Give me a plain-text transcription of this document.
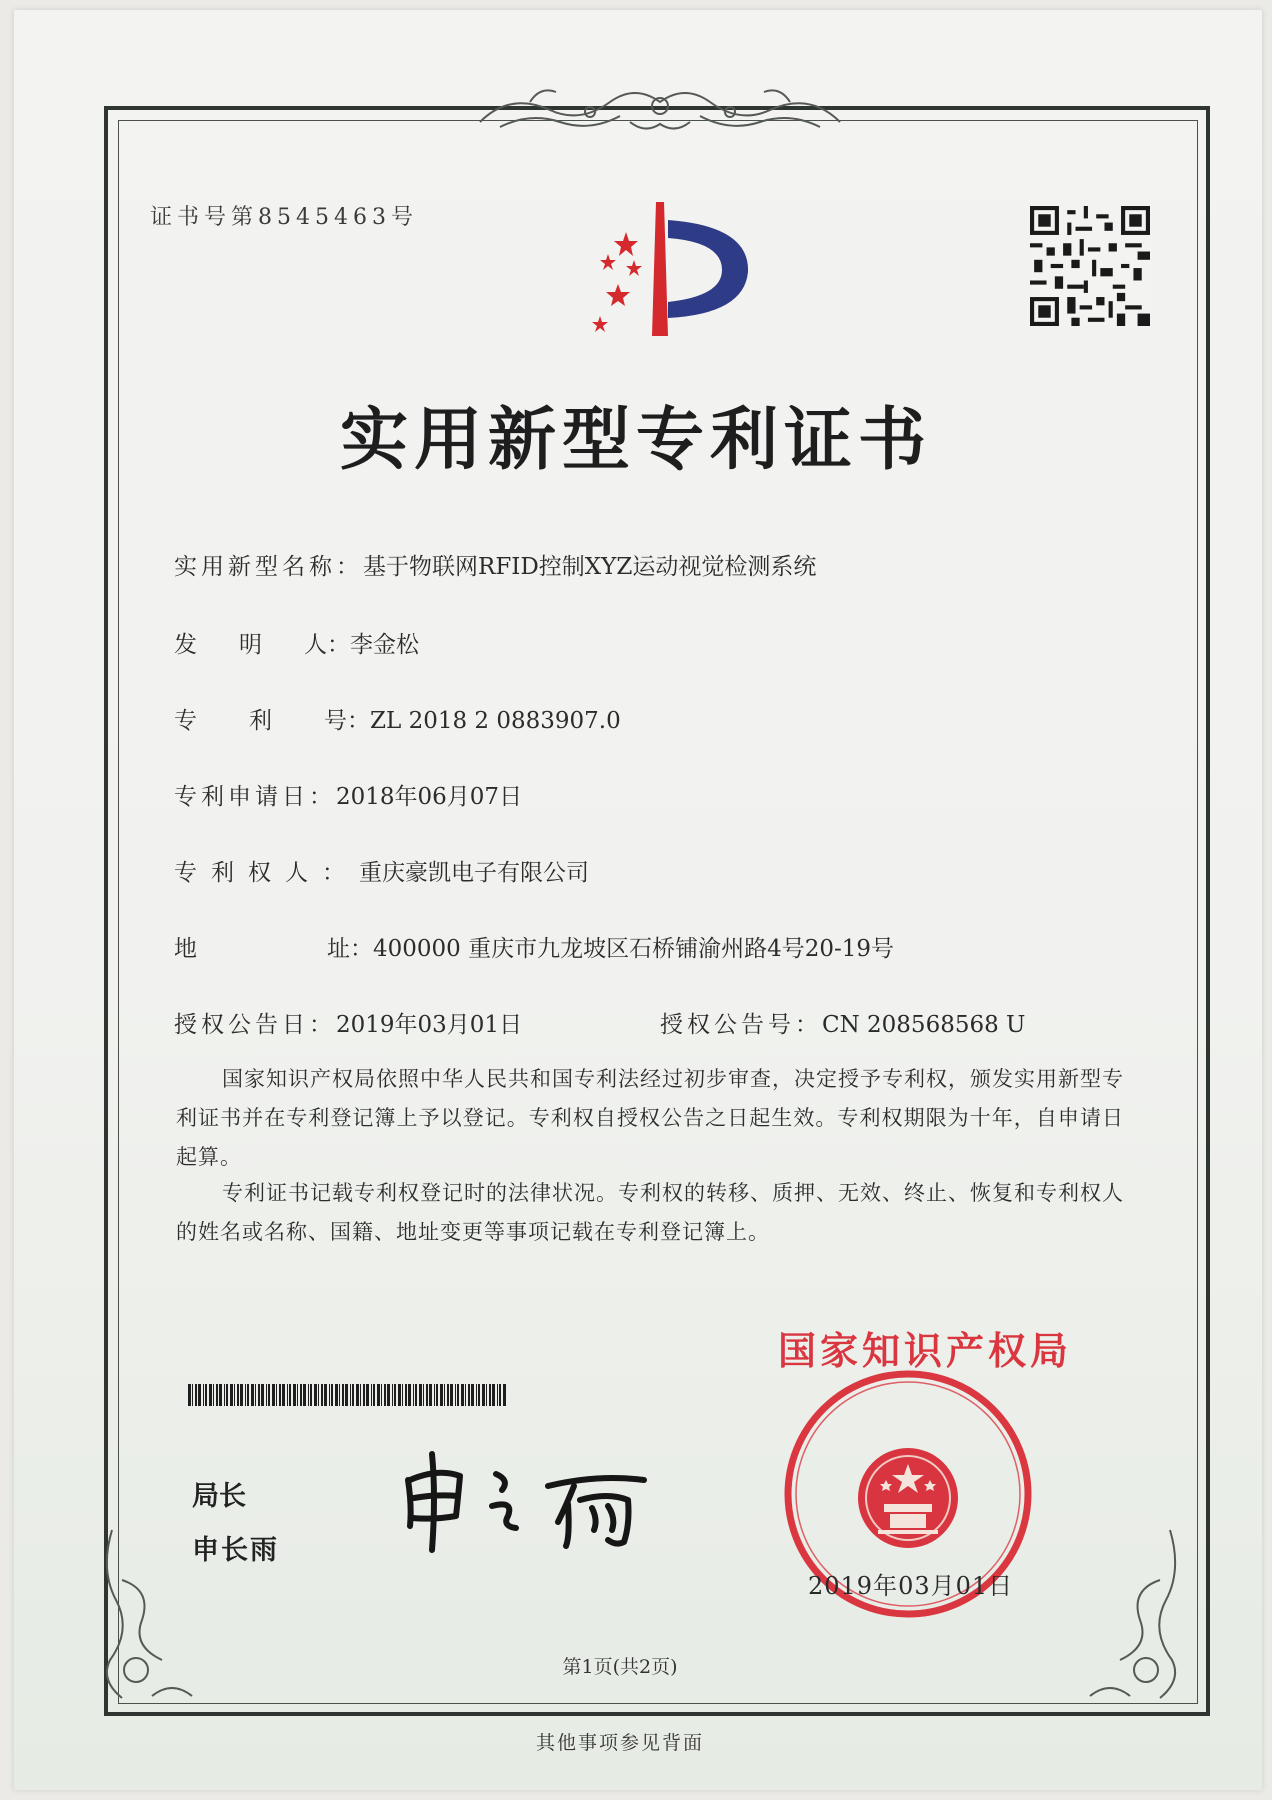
证书号第8545463号
实用新型专利证书
实用新型名称：基于物联网RFID控制XYZ运动视觉检测系统
发明人：李金松
专利号：ZL 2018 2 0883907.0
专利申请日：2018年06月07日
专利权人：重庆豪凯电子有限公司
地址：400000 重庆市九龙坡区石桥铺渝州路4号20-19号
授权公告日：2019年03月01日	授权公告号：CN 208568568 U
国家知识产权局依照中华人民共和国专利法经过初步审查，决定授予专利权，颁发实用新型专利证书并在专利登记簿上予以登记。专利权自授权公告之日起生效。专利权期限为十年，自申请日起算。
专利证书记载专利权登记时的法律状况。专利权的转移、质押、无效、终止、恢复和专利权人的姓名或名称、国籍、地址变更等事项记载在专利登记簿上。
局长
申长雨
国家知识产权局
2019年03月01日
第1页(共2页)
其他事项参见背面
